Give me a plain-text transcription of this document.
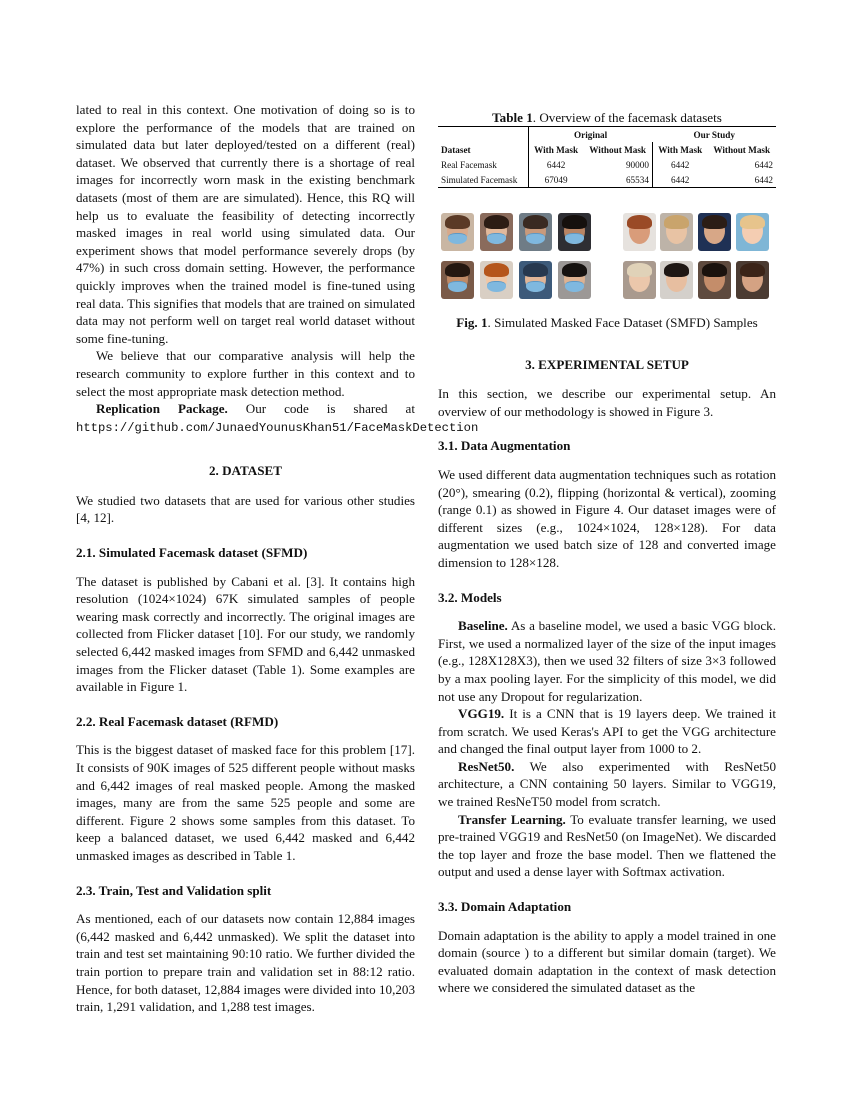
lated to real in this context. One motivation of doing so is to explore the performance of the models that are trained on simulated data but later deployed/tested on a different (real) dataset. We observed that currently there is a shortage of real images for incorrectly worn mask in the existing benchmark datasets (most of them are are simulated). Hence, this RQ will help us to evaluate the feasibility of detecting incorrectly masked images in real world using simulated data. Our experiment shows that model performance severely drops (by 47%) in such cross domain setting. However, the performance quickly improves when the trained model is fine-tuned using real data. This signifies that models that are trained on simulated data may not perform well on target real world dataset without some fine-tuning.

We believe that our comparative analysis will help the research community to explore further in this context and to select the most appropriate mask detection method.

Replication Package. Our code is shared at https://github.com/JunaedYounusKhan51/FaceMaskDetection

2. DATASET

We studied two datasets that are used for various other studies [4, 12].

2.1. Simulated Facemask dataset (SFMD)

The dataset is published by Cabani et al. [3]. It contains high resolution (1024×1024) 67K simulated samples of people wearing mask correctly and incorrectly. The original images are collected from Flicker dataset [10]. For our study, we randomly selected 6,442 masked images from SFMD and 6,442 unmasked images from the Flicker dataset (Table 1). Some examples are available in Figure 1.

2.2. Real Facemask dataset (RFMD)

This is the biggest dataset of masked face for this problem [17]. It consists of 90K images of 525 different people without masks and 6,442 images of real masked people. Among the masked images, many are from the same 525 people and some are different. Figure 2 shows some samples from this dataset. To keep a balanced dataset, we used 6,442 masked and 6,442 unmasked images as described in Table 1.

2.3. Train, Test and Validation split

As mentioned, each of our datasets now contain 12,884 images (6,442 masked and 6,442 unmasked). We split the dataset into train and test set maintaining 90:10 ratio. We further divided the train portion to prepare train and validation set in 88:12 ratio. Hence, for both dataset, 12,884 images were divided into 10,203 train, 1,291 validation, and 1,288 test images.

Table 1. Overview of the facemask datasets
	Original		Our Study	
Dataset	With Mask	Without Mask	With Mask	Without Mask
Real Facemask	6442	90000	6442	6442
Simulated Facemask	67049	65534	6442	6442
Fig. 1. Simulated Masked Face Dataset (SMFD) Samples
3. EXPERIMENTAL SETUP

In this section, we describe our experimental setup. An overview of our methodology is showed in Figure 3.

3.1. Data Augmentation

We used different data augmentation techniques such as rotation (20°), smearing (0.2), flipping (horizontal & vertical), zooming (range 0.1) as showed in Figure 4. Our dataset images were of different sizes (e.g., 1024×1024, 128×128). For data augmentation we used batch size of 128 and converted image dimension to 128×128.

3.2. Models

Baseline. As a baseline model, we used a basic VGG block. First, we used a normalized layer of the size of the input images (e.g., 128X128X3), then we used 32 filters of size 3×3 followed by a max pooling layer. For the simplicity of this model, we did not use any Dropout for regularization.

VGG19. It is a CNN that is 19 layers deep. We trained it from scratch. We used Keras's API to get the VGG architecture and changed the final output layer from 1000 to 2.

ResNet50. We also experimented with ResNet50 architecture, a CNN containing 50 layers. Similar to VGG19, we trained ResNeT50 model from scratch.

Transfer Learning. To evaluate transfer learning, we used pre-trained VGG19 and ResNet50 (on ImageNet). We discarded the top layer and froze the base model. Then we flattened the output and used a dense layer with Softmax activation.

3.3. Domain Adaptation

Domain adaptation is the ability to apply a model trained in one domain (source ) to a different but similar domain (target). We evaluated domain adaptation in the context of mask detection where we considered the simulated dataset as the
